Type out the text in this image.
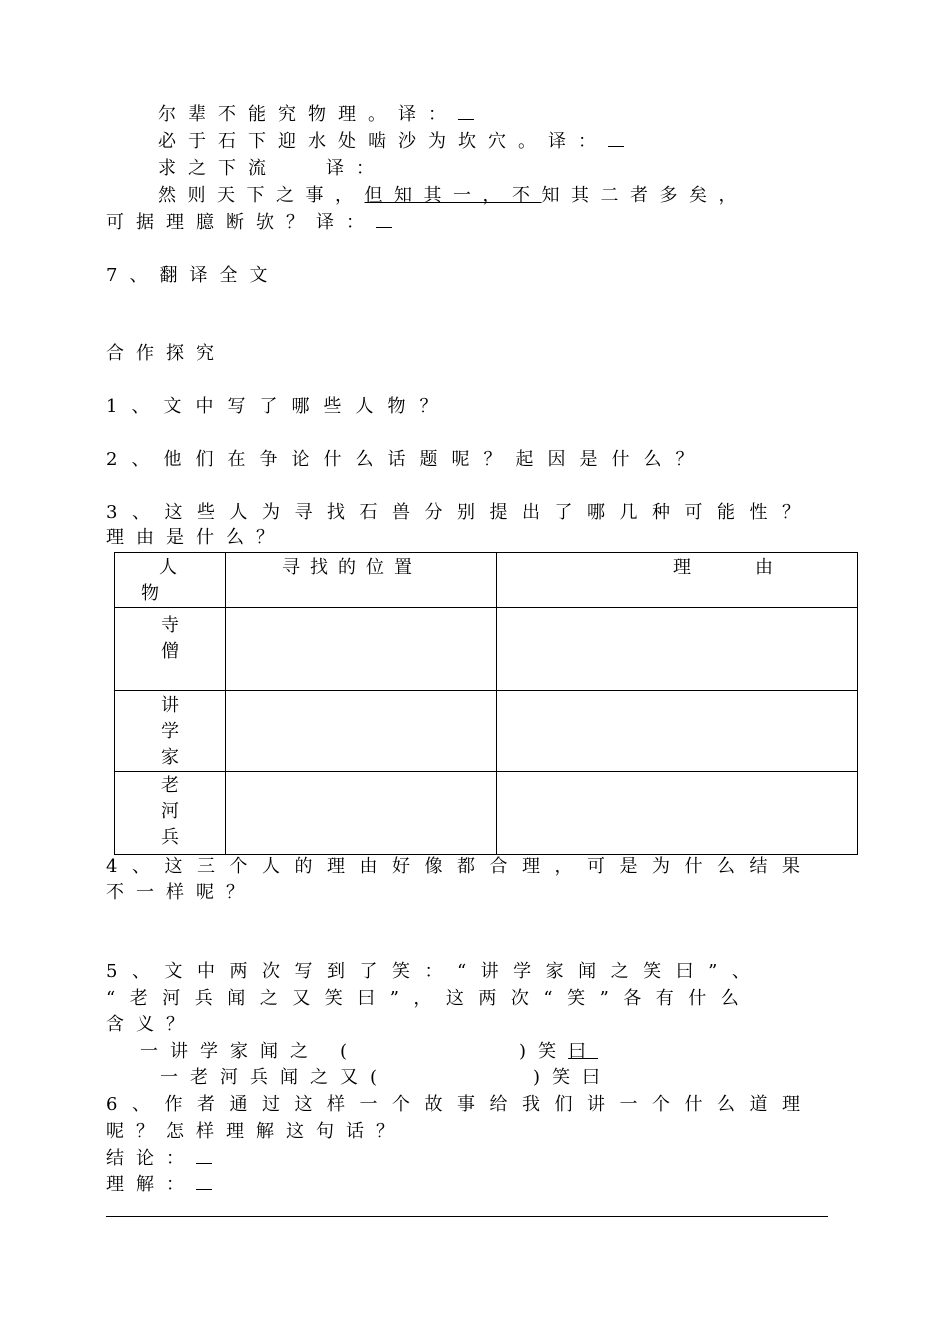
尔辈不能究物理。译：
必于石下迎水处啮沙为坎穴。译：
求之下流	译：
然则天下之事，但知其一，不知其二者多矣，
可据理臆断欤？译：
7、翻译全文
合作探究
1、文中写了哪些人物？
2、他们在争论什么话题呢？起因是什么？
3、这些人为寻找石兽分别提出了哪几种可能性？
理由是什么？
人
物	寻找的位置	理 由

寺
僧		

讲
学
家		

老
河
兵		

4、这三个人的理由好像都合理，可是为什么结果
不一样呢？
5、文中两次写到了笑：“讲学家闻之笑曰”、
“老河兵闻之又笑曰”，这两次“笑”各有什么
含义？
一讲学家闻之 (	)笑曰
一老河兵闻之又(	)笑曰
6、作者通过这样一个故事给我们讲一个什么道理
呢？怎样理解这句话？
结论：
理解：
